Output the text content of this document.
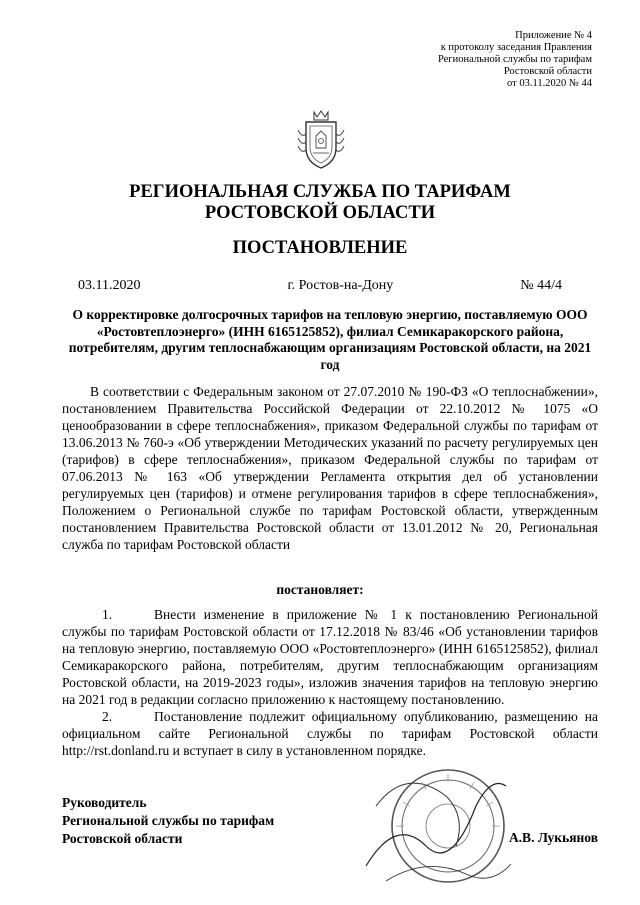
Приложение № 4
к протоколу заседания Правления
Региональной службы по тарифам
Ростовской области
от 03.11.2020 № 44
РЕГИОНАЛЬНАЯ СЛУЖБА ПО ТАРИФАМ
РОСТОВСКОЙ ОБЛАСТИ
ПОСТАНОВЛЕНИЕ
03.11.2020	г. Ростов-на-Дону	№ 44/4
О корректировке долгосрочных тарифов на тепловую энергию, поставляемую ООО «Ростовтеплоэнерго» (ИНН 6165125852), филиал Семикаракорского района, потребителям, другим теплоснабжающим организациям Ростовской области, на 2021 год
В соответствии с Федеральным законом от 27.07.2010 № 190-ФЗ «О теплоснабжении», постановлением Правительства Российской Федерации от 22.10.2012 № 1075 «О ценообразовании в сфере теплоснабжения», приказом Федеральной службы по тарифам от 13.06.2013 № 760-э «Об утверждении Методических указаний по расчету регулируемых цен (тарифов) в сфере теплоснабжения», приказом Федеральной службы по тарифам от 07.06.2013 № 163 «Об утверждении Регламента открытия дел об установлении регулируемых цен (тарифов) и отмене регулирования тарифов в сфере теплоснабжения», Положением о Региональной службе по тарифам Ростовской области, утвержденным постановлением Правительства Ростовской области от 13.01.2012 № 20, Региональная служба по тарифам Ростовской области
постановляет:

1.	Внести изменение в приложение № 1 к постановлению Региональной службы по тарифам Ростовской области от 17.12.2018 № 83/46 «Об установлении тарифов на тепловую энергию, поставляемую ООО «Ростовтеплоэнерго» (ИНН 6165125852), филиал Семикаракорского района, потребителям, другим теплоснабжающим организациям Ростовской области, на 2019-2023 годы», изложив значения тарифов на тепловую энергию на 2021 год в редакции согласно приложению к настоящему постановлению.

2.	Постановление подлежит официальному опубликованию, размещению на официальном сайте Региональной службы по тарифам Ростовской области http://rst.donland.ru и вступает в силу в установленном порядке.

Руководитель
Региональной службы по тарифам
Ростовской области	А.В. Лукьянов
